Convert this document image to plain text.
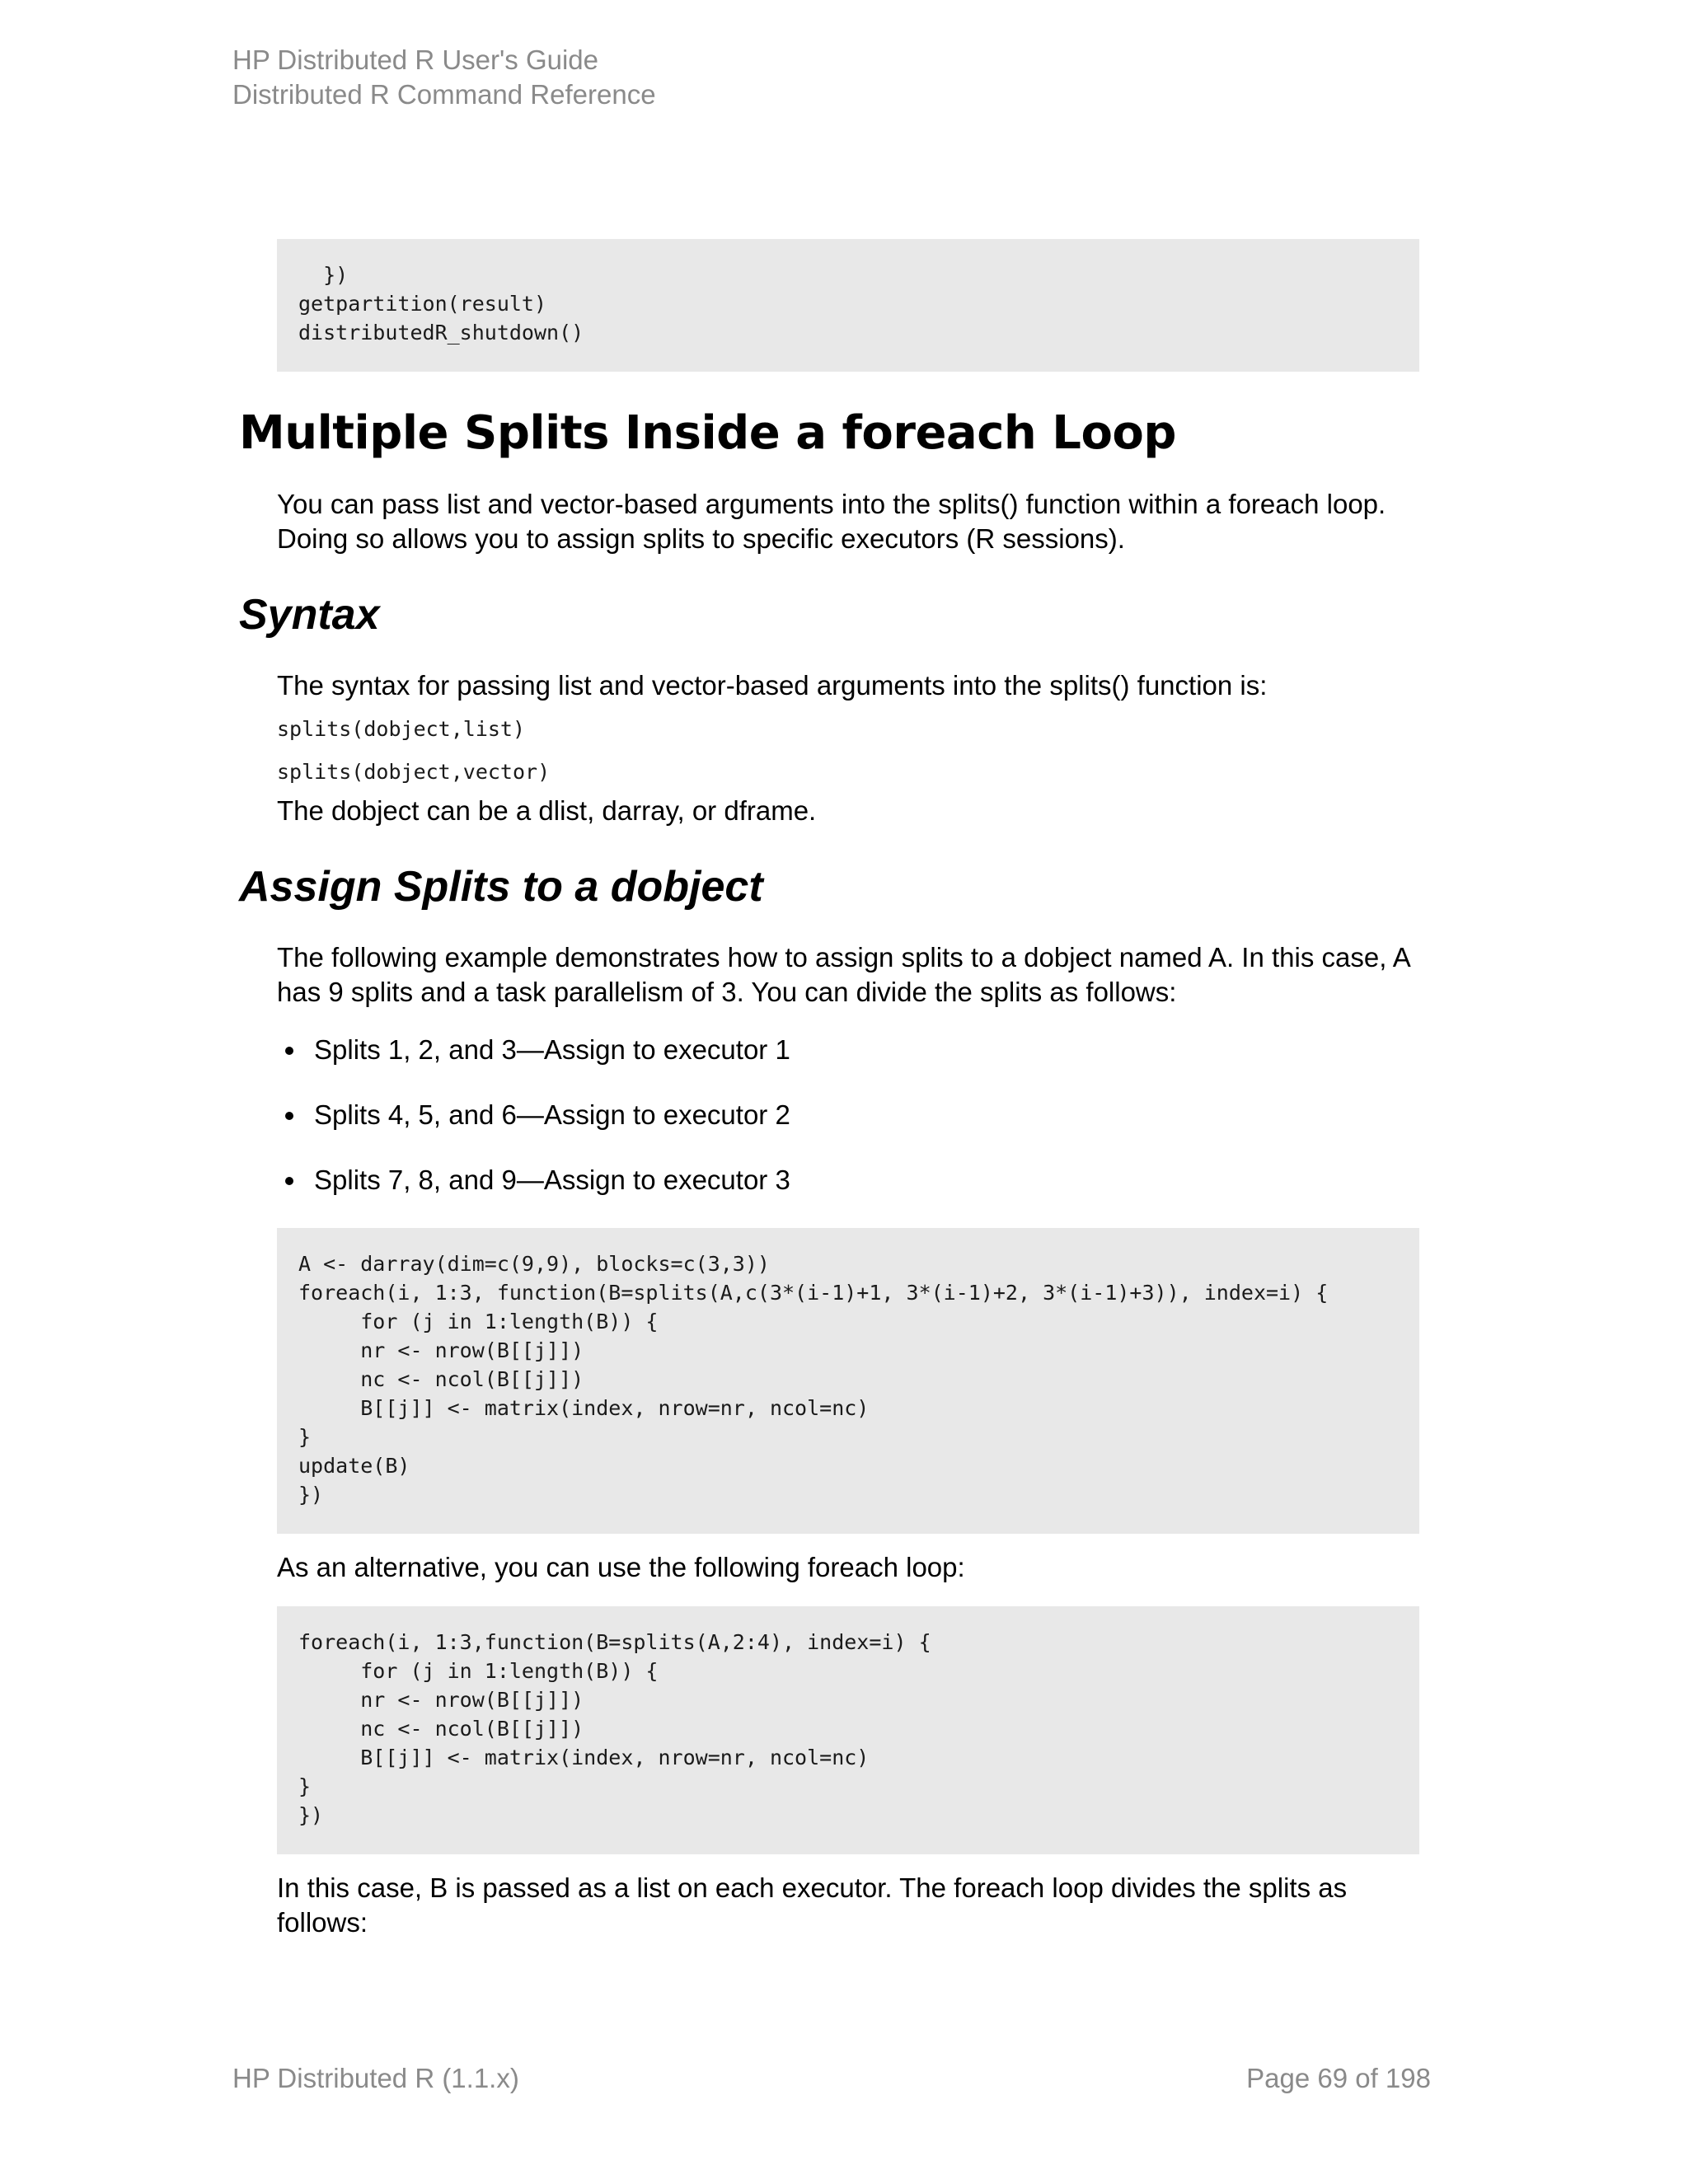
HP Distributed R User's Guide
Distributed R Command Reference
})
getpartition(result)
distributedR_shutdown()
Multiple Splits Inside a foreach Loop

You can pass list and vector-based arguments into the splits() function within a foreach loop. Doing so allows you to assign splits to specific executors (R sessions).

Syntax

The syntax for passing list and vector-based arguments into the splits() function is:

splits(dobject,list)
splits(dobject,vector)

The dobject can be a dlist, darray, or dframe.

Assign Splits to a dobject

The following example demonstrates how to assign splits to a dobject named A. In this case, A has 9 splits and a task parallelism of 3. You can divide the splits as follows:

Splits 1, 2, and 3—Assign to executor 1
Splits 4, 5, and 6—Assign to executor 2
Splits 7, 8, and 9—Assign to executor 3
A <- darray(dim=c(9,9), blocks=c(3,3))
foreach(i, 1:3, function(B=splits(A,c(3*(i-1)+1, 3*(i-1)+2, 3*(i-1)+3)), index=i) {
for (j in 1:length(B)) {
nr <- nrow(B[[j]])
nc <- ncol(B[[j]])
B[[j]] <- matrix(index, nrow=nr, ncol=nc)
}
update(B)
})

As an alternative, you can use the following foreach loop:

foreach(i, 1:3,function(B=splits(A,2:4), index=i) {
for (j in 1:length(B)) {
nr <- nrow(B[[j]])
nc <- ncol(B[[j]])
B[[j]] <- matrix(index, nrow=nr, ncol=nc)
}
})

In this case, B is passed as a list on each executor. The foreach loop divides the splits as follows:

HP Distributed R (1.1.x)	Page 69 of 198
